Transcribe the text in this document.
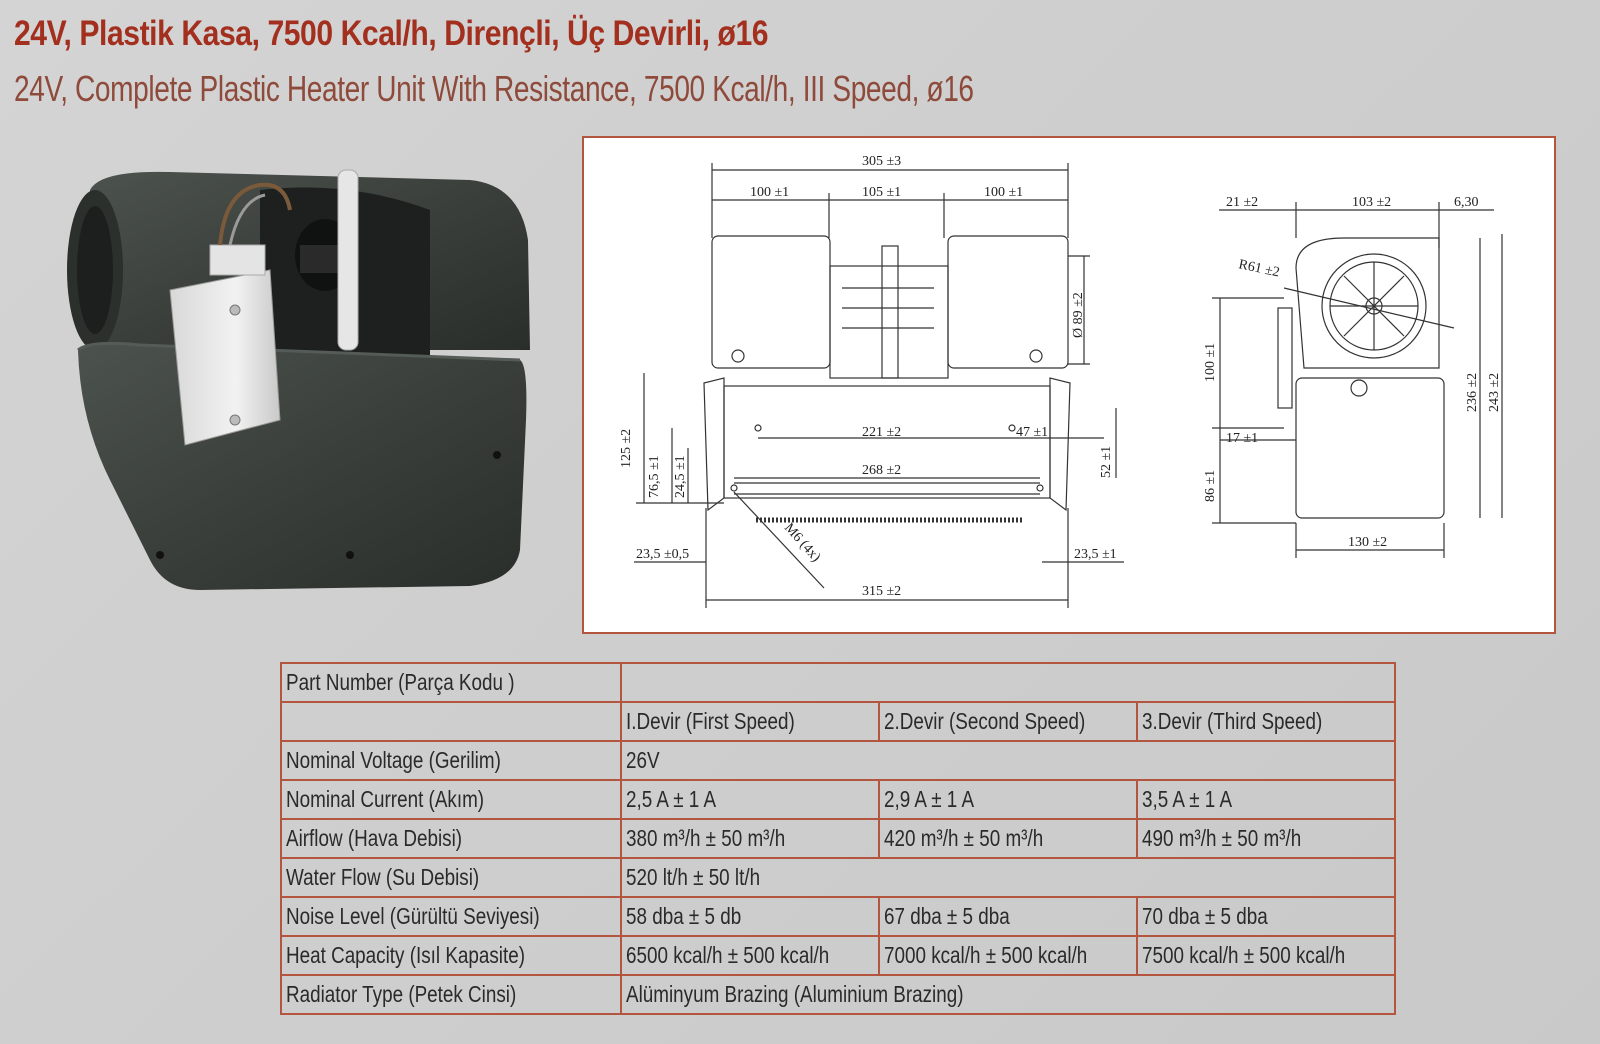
24V, Plastik Kasa, 7500 Kcal/h, Dirençli, Üç Devirli, ø16
24V, Complete Plastic Heater Unit With Resistance, 7500 Kcal/h, III Speed, ø16
305 ±3
100 ±1	105 ±1	100 ±1
Ø 89 ±2
221 ±2	47 ±1
268 ±2	52 ±1
125 ±2
76,5 ±1 24,5 ±1
23,5 ±0,5	23,5 ±1
M6 (4x)
315 ±2
21 ±2	103 ±2	6,30
R61 ±2
100 ±1
17 ±1
86 ±1
236 ±2 243 ±2
130 ±2
Part Number (Parça Kodu )			
	I.Devir (First Speed)	2.Devir (Second Speed)	3.Devir (Third Speed)
Nominal Voltage (Gerilim)	26V		
Nominal Current (Akım)	2,5 A ± 1 A	2,9 A ± 1 A	3,5 A ± 1 A
Airflow (Hava Debisi)	380 m³/h ± 50 m³/h	420 m³/h ± 50 m³/h	490 m³/h ± 50 m³/h
Water Flow (Su Debisi)	520 lt/h ± 50 lt/h		
Noise Level (Gürültü Seviyesi)	58 dba ± 5 db	67 dba ± 5 dba	70 dba ± 5 dba
Heat Capacity (Isıl Kapasite)	6500 kcal/h ± 500 kcal/h	7000 kcal/h ± 500 kcal/h	7500 kcal/h ± 500 kcal/h
Radiator Type (Petek Cinsi)	Alüminyum Brazing (Aluminium Brazing)		
